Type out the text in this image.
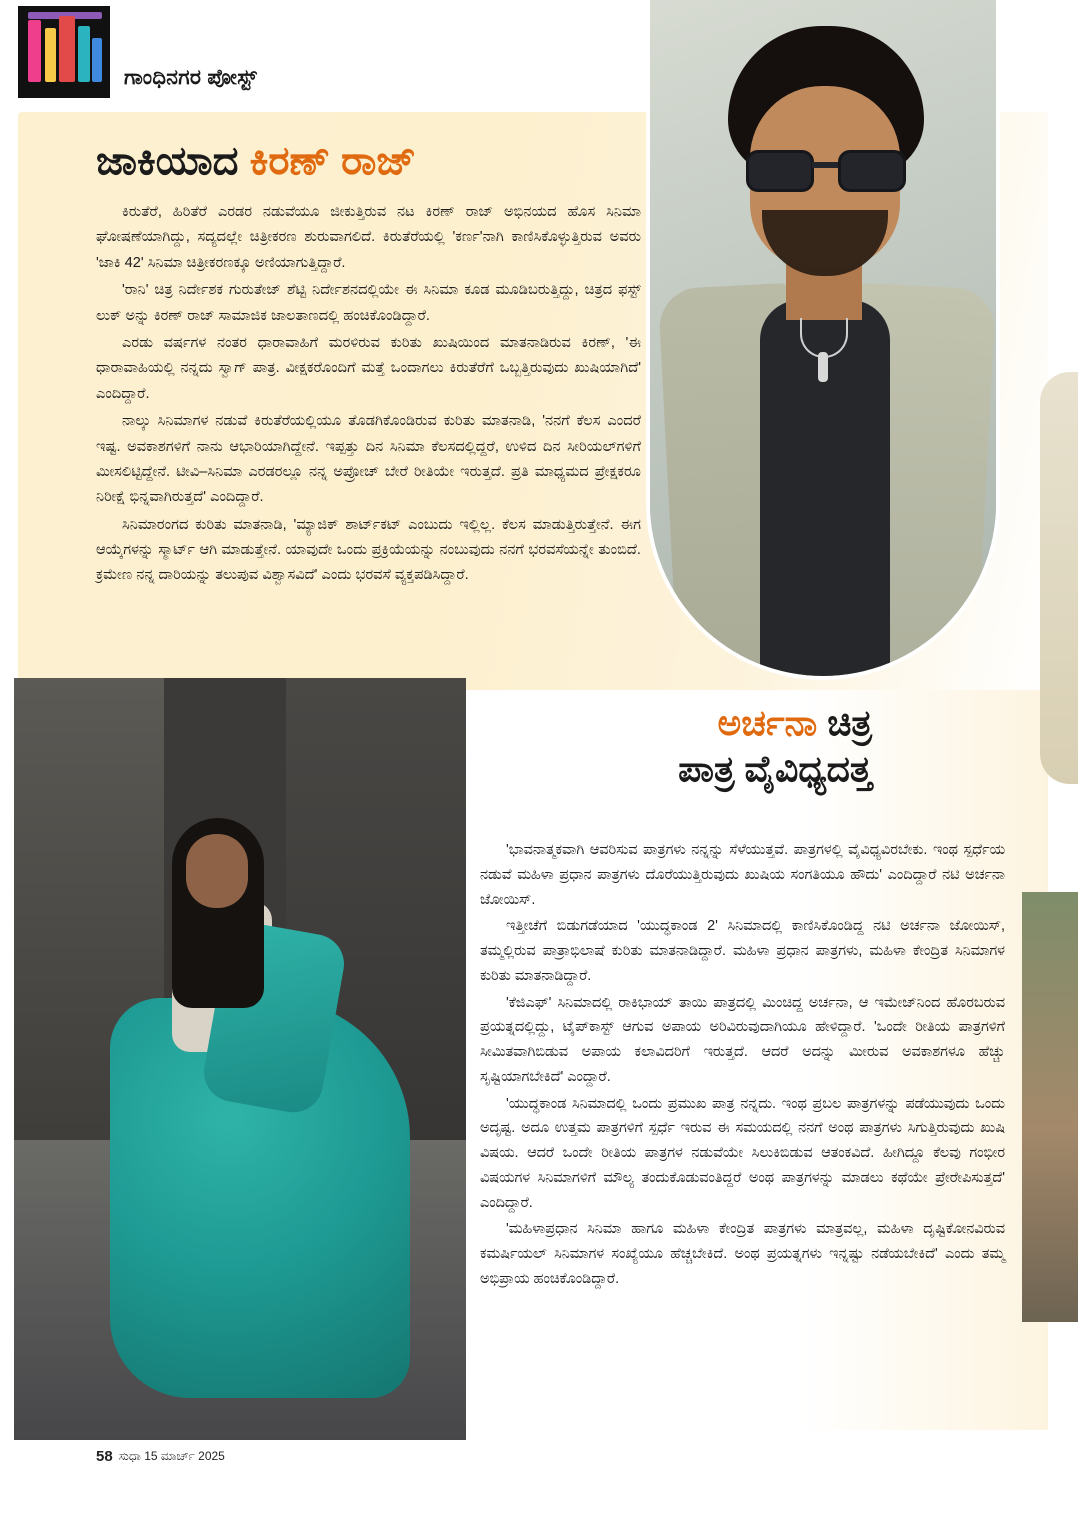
ಗಾಂಧಿನಗರ ಪೋಸ್ಟ್
ಜಾಕಿಯಾದ ಕಿರಣ್ ರಾಜ್

ಕಿರುತೆರೆ, ಹಿರಿತೆರೆ ಎರಡರ ನಡುವೆಯೂ ಜೀಕುತ್ತಿರುವ ನಟ ಕಿರಣ್ ರಾಜ್ ಅಭಿನಯದ ಹೊಸ ಸಿನಿಮಾ ಘೋಷಣೆಯಾಗಿದ್ದು, ಸದ್ಯದಲ್ಲೇ ಚಿತ್ರೀಕರಣ ಶುರುವಾಗಲಿದೆ. ಕಿರುತೆರೆಯಲ್ಲಿ 'ಕರ್ಣ'ನಾಗಿ ಕಾಣಿಸಿಕೊಳ್ಳುತ್ತಿರುವ ಅವರು 'ಜಾಕಿ 42' ಸಿನಿಮಾ ಚಿತ್ರೀಕರಣಕ್ಕೂ ಅಣಿಯಾಗುತ್ತಿದ್ದಾರೆ.

'ರಾನಿ' ಚಿತ್ರ ನಿರ್ದೇಶಕ ಗುರುತೇಜ್ ಶೆಟ್ಟಿ ನಿರ್ದೇಶನದಲ್ಲಿಯೇ ಈ ಸಿನಿಮಾ ಕೂಡ ಮೂಡಿಬರುತ್ತಿದ್ದು, ಚಿತ್ರದ ಫಸ್ಟ್ ಲುಕ್ ಅನ್ನು ಕಿರಣ್ ರಾಜ್ ಸಾಮಾಜಿಕ ಜಾಲತಾಣದಲ್ಲಿ ಹಂಚಿಕೊಂಡಿದ್ದಾರೆ.

ಎರಡು ವರ್ಷಗಳ ನಂತರ ಧಾರಾವಾಹಿಗೆ ಮರಳಿರುವ ಕುರಿತು ಖುಷಿಯಿಂದ ಮಾತನಾಡಿರುವ ಕಿರಣ್, 'ಈ ಧಾರಾವಾಹಿಯಲ್ಲಿ ನನ್ನದು ಸ್ವಾಗ್ ಪಾತ್ರ. ವೀಕ್ಷಕರೊಂದಿಗೆ ಮತ್ತೆ ಒಂದಾಗಲು ಕಿರುತೆರೆಗೆ ಒಬ್ಬತ್ತಿರುವುದು ಖುಷಿಯಾಗಿದೆ' ಎಂದಿದ್ದಾರೆ.

ನಾಲ್ಕು ಸಿನಿಮಾಗಳ ನಡುವೆ ಕಿರುತೆರೆಯಲ್ಲಿಯೂ ತೊಡಗಿಕೊಂಡಿರುವ ಕುರಿತು ಮಾತನಾಡಿ, 'ನನಗೆ ಕೆಲಸ ಎಂದರೆ ಇಷ್ಟ. ಅವಕಾಶಗಳಿಗೆ ನಾನು ಆಭಾರಿಯಾಗಿದ್ದೇನೆ. ಇಪ್ಪತ್ತು ದಿನ ಸಿನಿಮಾ ಕೆಲಸದಲ್ಲಿದ್ದರೆ, ಉಳಿದ ದಿನ ಸೀರಿಯಲ್‌ಗಳಿಗೆ ಮೀಸಲಿಟ್ಟಿದ್ದೇನೆ. ಟೀವಿ–ಸಿನಿಮಾ ಎರಡರಲ್ಲೂ ನನ್ನ ಅಪ್ರೋಚ್ ಬೇರೆ ರೀತಿಯೇ ಇರುತ್ತದೆ. ಪ್ರತಿ ಮಾಧ್ಯಮದ ಪ್ರೇಕ್ಷಕರೂ ನಿರೀಕ್ಷೆ ಭಿನ್ನವಾಗಿರುತ್ತದೆ' ಎಂದಿದ್ದಾರೆ.

ಸಿನಿಮಾರಂಗದ ಕುರಿತು ಮಾತನಾಡಿ, 'ಮ್ಯಾಜಿಕ್ ಶಾರ್ಟ್‌ಕಟ್ ಎಂಬುದು ಇಲ್ಲಿಲ್ಲ. ಕೆಲಸ ಮಾಡುತ್ತಿರುತ್ತೇನೆ. ಈಗ ಆಯ್ಕೆಗಳನ್ನು ಸ್ಮಾರ್ಟ್ ಆಗಿ ಮಾಡುತ್ತೇನೆ. ಯಾವುದೇ ಒಂದು ಪ್ರಕ್ರಿಯೆಯನ್ನು ನಂಬುವುದು ನನಗೆ ಭರವಸೆಯನ್ನೇ ತುಂಬಿದೆ. ಕ್ರಮೇಣ ನನ್ನ ದಾರಿಯನ್ನು ತಲುಪುವ ವಿಶ್ವಾಸವಿದೆ' ಎಂದು ಭರವಸೆ ವ್ಯಕ್ತಪಡಿಸಿದ್ದಾರೆ.

ಅರ್ಚನಾ ಚಿತ್ರ
ಪಾತ್ರ ವೈವಿಧ್ಯದತ್ತ

'ಭಾವನಾತ್ಮಕವಾಗಿ ಆವರಿಸುವ ಪಾತ್ರಗಳು ನನ್ನನ್ನು ಸೆಳೆಯುತ್ತವೆ. ಪಾತ್ರಗಳಲ್ಲಿ ವೈವಿಧ್ಯವಿರಬೇಕು. ಇಂಥ ಸ್ಪರ್ಧೆಯ ನಡುವೆ ಮಹಿಳಾ ಪ್ರಧಾನ ಪಾತ್ರಗಳು ದೊರೆಯುತ್ತಿರುವುದು ಖುಷಿಯ ಸಂಗತಿಯೂ ಹೌದು' ಎಂದಿದ್ದಾರೆ ನಟಿ ಅರ್ಚನಾ ಜೋಯಿಸ್.

ಇತ್ತೀಚೆಗೆ ಬಿಡುಗಡೆಯಾದ 'ಯುದ್ಧಕಾಂಡ 2' ಸಿನಿಮಾದಲ್ಲಿ ಕಾಣಿಸಿಕೊಂಡಿದ್ದ ನಟಿ ಅರ್ಚನಾ ಜೋಯಿಸ್, ತಮ್ಮಲ್ಲಿರುವ ಪಾತ್ರಾಭಿಲಾಷೆ ಕುರಿತು ಮಾತನಾಡಿದ್ದಾರೆ. ಮಹಿಳಾ ಪ್ರಧಾನ ಪಾತ್ರಗಳು, ಮಹಿಳಾ ಕೇಂದ್ರಿತ ಸಿನಿಮಾಗಳ ಕುರಿತು ಮಾತನಾಡಿದ್ದಾರೆ.

'ಕೆಜಿಎಫ್' ಸಿನಿಮಾದಲ್ಲಿ ರಾಕಿಭಾಯ್ ತಾಯಿ ಪಾತ್ರದಲ್ಲಿ ಮಿಂಚಿದ್ದ ಅರ್ಚನಾ, ಆ ಇಮೇಜ್‌ನಿಂದ ಹೊರಬರುವ ಪ್ರಯತ್ನದಲ್ಲಿದ್ದು, ಟೈಪ್‌ಕಾಸ್ಟ್ ಆಗುವ ಅಪಾಯ ಅರಿವಿರುವುದಾಗಿಯೂ ಹೇಳಿದ್ದಾರೆ. 'ಒಂದೇ ರೀತಿಯ ಪಾತ್ರಗಳಿಗೆ ಸೀಮಿತವಾಗಿಬಿಡುವ ಅಪಾಯ ಕಲಾವಿದರಿಗೆ ಇರುತ್ತದೆ. ಆದರೆ ಅದನ್ನು ಮೀರುವ ಅವಕಾಶಗಳೂ ಹೆಚ್ಚು ಸೃಷ್ಟಿಯಾಗಬೇಕಿದೆ' ಎಂದ್ದಾರೆ.

'ಯುದ್ಧಕಾಂಡ ಸಿನಿಮಾದಲ್ಲಿ ಒಂದು ಪ್ರಮುಖ ಪಾತ್ರ ನನ್ನದು. ಇಂಥ ಪ್ರಬಲ ಪಾತ್ರಗಳನ್ನು ಪಡೆಯುವುದು ಒಂದು ಅದೃಷ್ಟ. ಅದೂ ಉತ್ತಮ ಪಾತ್ರಗಳಿಗೆ ಸ್ಪರ್ಧೆ ಇರುವ ಈ ಸಮಯದಲ್ಲಿ ನನಗೆ ಅಂಥ ಪಾತ್ರಗಳು ಸಿಗುತ್ತಿರುವುದು ಖುಷಿ ವಿಷಯ. ಆದರೆ ಒಂದೇ ರೀತಿಯ ಪಾತ್ರಗಳ ನಡುವೆಯೇ ಸಿಲುಕಿಬಿಡುವ ಆತಂಕವಿದೆ. ಹೀಗಿದ್ದೂ ಕೆಲವು ಗಂಭೀರ ವಿಷಯಗಳ ಸಿನಿಮಾಗಳಿಗೆ ಮೌಲ್ಯ ತಂದುಕೊಡುವಂತಿದ್ದರೆ ಅಂಥ ಪಾತ್ರಗಳನ್ನು ಮಾಡಲು ಕಥೆಯೇ ಪ್ರೇರೇಪಿಸುತ್ತದೆ' ಎಂದಿದ್ದಾರೆ.

'ಮಹಿಳಾಪ್ರಧಾನ ಸಿನಿಮಾ ಹಾಗೂ ಮಹಿಳಾ ಕೇಂದ್ರಿತ ಪಾತ್ರಗಳು ಮಾತ್ರವಲ್ಲ, ಮಹಿಳಾ ದೃಷ್ಟಿಕೋನವಿರುವ ಕಮರ್ಷಿಯಲ್ ಸಿನಿಮಾಗಳ ಸಂಖ್ಯೆಯೂ ಹೆಚ್ಚಬೇಕಿದೆ. ಅಂಥ ಪ್ರಯತ್ನಗಳು ಇನ್ನಷ್ಟು ನಡೆಯಬೇಕಿದೆ' ಎಂದು ತಮ್ಮ ಅಭಿಪ್ರಾಯ ಹಂಚಿಕೊಂಡಿದ್ದಾರೆ.

58 ಸುಧಾ 15 ಮಾರ್ಚ್ 2025
